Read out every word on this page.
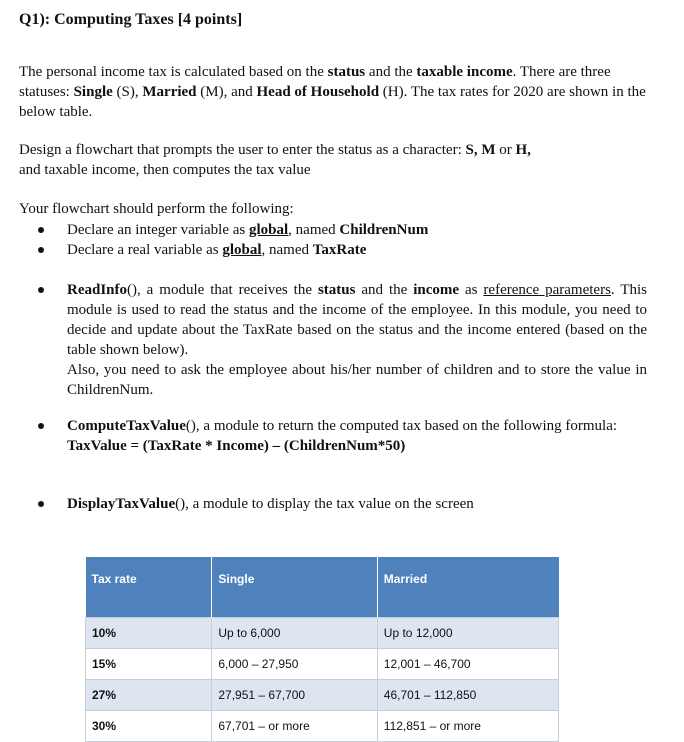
Q1): Computing Taxes [4 points]

The personal income tax is calculated based on the status and the taxable income. There are three statuses: Single (S), Married (M), and Head of Household (H). The tax rates for 2020 are shown in the below table.

Design a flowchart that prompts the user to enter the status as a character: S, M or H,
and taxable income, then computes the tax value

Your flowchart should perform the following:

Declare an integer variable as global, named ChildrenNum
Declare a real variable as global, named TaxRate
ReadInfo(), a module that receives the status and the income as reference parameters. This module is used to read the status and the income of the employee. In this module, you need to decide and update about the TaxRate based on the status and the income entered (based on the table shown below).
Also, you need to ask the employee about his/her number of children and to store the value in ChildrenNum.
ComputeTaxValue(), a module to return the computed tax based on the following formula:
TaxValue = (TaxRate * Income) – (ChildrenNum*50)
DisplayTaxValue(), a module to display the tax value on the screen
Tax rate	Single	Married
10%	Up to 6,000	Up to 12,000
15%	6,000 – 27,950	12,001 – 46,700
27%	27,951 – 67,700	46,701 – 112,850
30%	67,701 – or more	112,851 – or more
